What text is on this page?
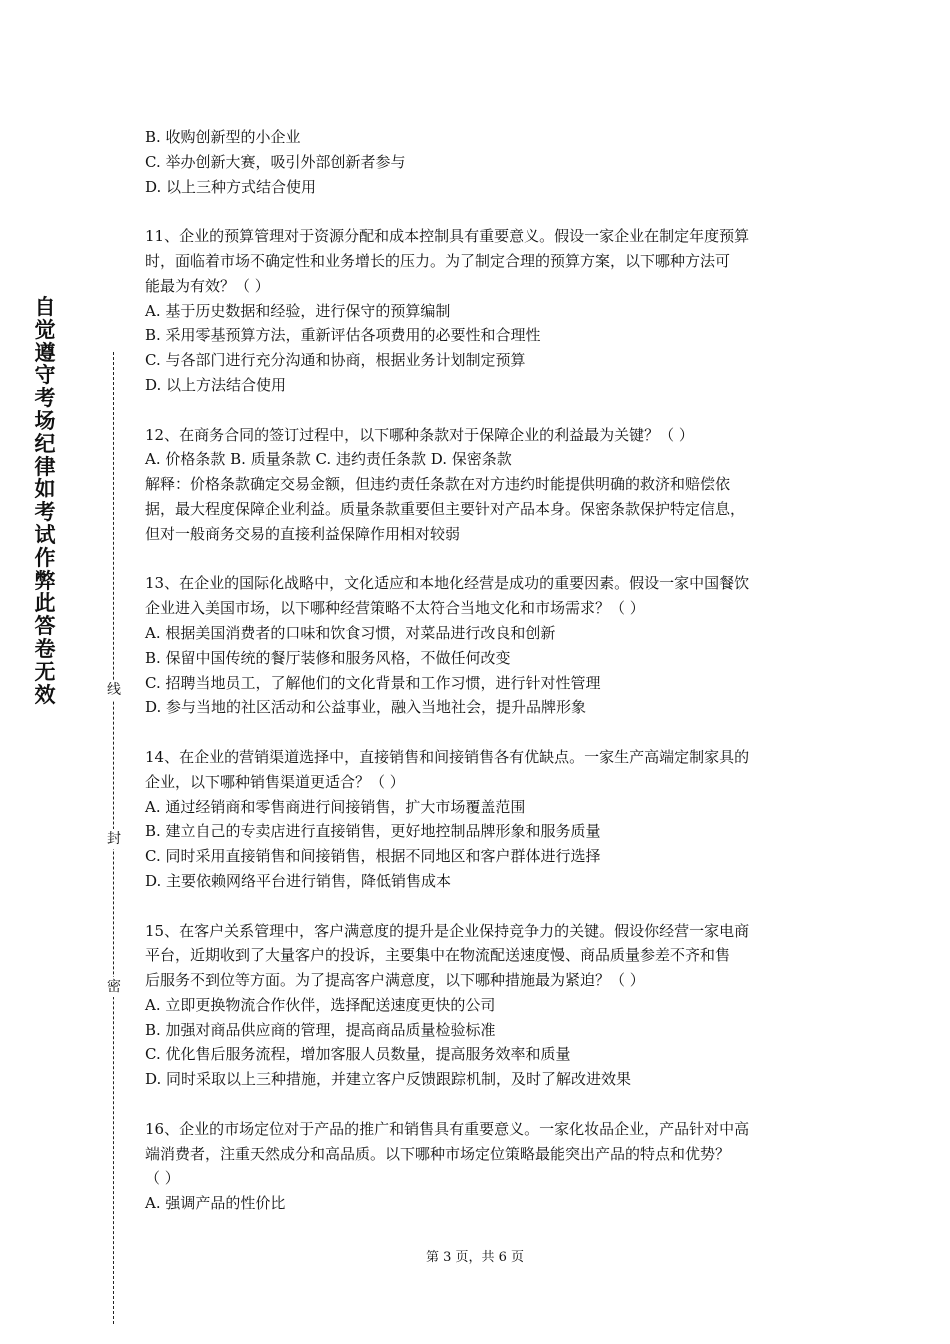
自
觉
遵
守
考
场
纪
律
如
考
试
作
弊
此
答
卷
无
效	线
封
密

B. 收购创新型的小企业

C. 举办创新大赛，吸引外部创新者参与

D. 以上三种方式结合使用

11、企业的预算管理对于资源分配和成本控制具有重要意义。假设一家企业在制定年度预算

时，面临着市场不确定性和业务增长的压力。为了制定合理的预算方案，以下哪种方法可

能最为有效？（ ）

A. 基于历史数据和经验，进行保守的预算编制

B. 采用零基预算方法，重新评估各项费用的必要性和合理性

C. 与各部门进行充分沟通和协商，根据业务计划制定预算

D. 以上方法结合使用

12、在商务合同的签订过程中，以下哪种条款对于保障企业的利益最为关键？（ ）

A. 价格条款 B. 质量条款 C. 违约责任条款 D. 保密条款

解释：价格条款确定交易金额，但违约责任条款在对方违约时能提供明确的救济和赔偿依

据，最大程度保障企业利益。质量条款重要但主要针对产品本身。保密条款保护特定信息，

但对一般商务交易的直接利益保障作用相对较弱

13、在企业的国际化战略中，文化适应和本地化经营是成功的重要因素。假设一家中国餐饮

企业进入美国市场，以下哪种经营策略不太符合当地文化和市场需求？（ ）

A. 根据美国消费者的口味和饮食习惯，对菜品进行改良和创新

B. 保留中国传统的餐厅装修和服务风格，不做任何改变

C. 招聘当地员工，了解他们的文化背景和工作习惯，进行针对性管理

D. 参与当地的社区活动和公益事业，融入当地社会，提升品牌形象

14、在企业的营销渠道选择中，直接销售和间接销售各有优缺点。一家生产高端定制家具的

企业，以下哪种销售渠道更适合？（ ）

A. 通过经销商和零售商进行间接销售，扩大市场覆盖范围

B. 建立自己的专卖店进行直接销售，更好地控制品牌形象和服务质量

C. 同时采用直接销售和间接销售，根据不同地区和客户群体进行选择

D. 主要依赖网络平台进行销售，降低销售成本

15、在客户关系管理中，客户满意度的提升是企业保持竞争力的关键。假设你经营一家电商

平台，近期收到了大量客户的投诉，主要集中在物流配送速度慢、商品质量参差不齐和售

后服务不到位等方面。为了提高客户满意度，以下哪种措施最为紧迫？（ ）

A. 立即更换物流合作伙伴，选择配送速度更快的公司

B. 加强对商品供应商的管理，提高商品质量检验标准

C. 优化售后服务流程，增加客服人员数量，提高服务效率和质量

D. 同时采取以上三种措施，并建立客户反馈跟踪机制，及时了解改进效果

16、企业的市场定位对于产品的推广和销售具有重要意义。一家化妆品企业，产品针对中高

端消费者，注重天然成分和高品质。以下哪种市场定位策略最能突出产品的特点和优势？

（ ）

A. 强调产品的性价比

第 3 页，共 6 页
